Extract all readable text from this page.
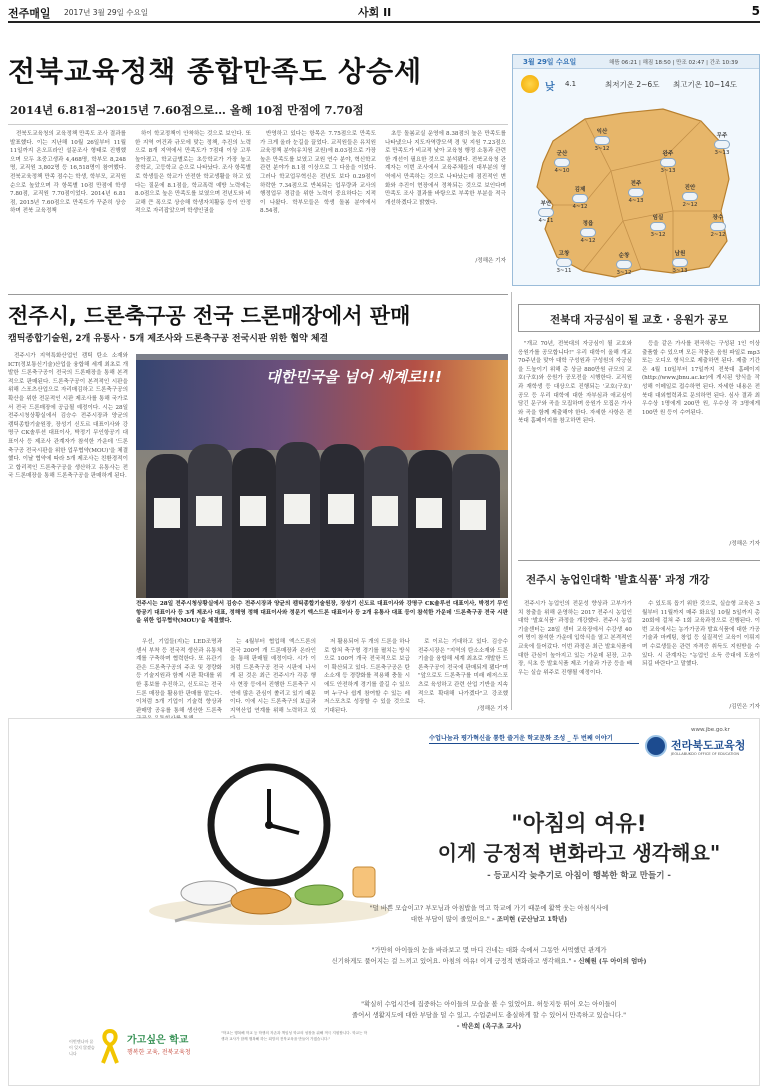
전주매일 2017년 3월 29일 수요일	사회 II	5
전북교육정책 종합만족도 상승세
2014년 6.81점→2015년 7.60점으로… 올해 10점 만점에 7.70점

전북도교육청의 교육정책 만족도 조사 결과를 발표했다. 이는 지난해 10월 26일부터 11월 11일까지 온오프라인 설문조사 형태로 진행했으며 모두 초중고생과 4,468명, 학부모 8,248명, 교직원 3,802명 등 16,518명이 참여했다. 전북교육정책 만족 점수는 학생, 학부모, 교직원 순으로 높았으며 각 항목별 10점 만점에 학생 7.80점, 교직원 7.70점이었다. 2014년 6.81점, 2015년 7.60점으로 만족도가 꾸준히 상승하며 전북 교육정책

하이 학교정책이 안착하는 것으로 보인다. 또한 지역 여건과 규모에 맞는 정책, 추진의 노력으로 8개 지역에서 만족도가 7점대 이상 고루 높아졌고, 학교급별로는 초등학교가 가장 높고 중학교, 고등학교 순으로 나타났다. 조사 항목별로 학생들은 학교가 안전한 학교생활을 하고 있다는 질문에 8.1점을, 학교폭력 예방 노력에는 8.0점으로 높은 만족도를 보였으며 전년도와 비교해 큰 폭으로 상승해 학생자치활동 등이 안정적으로 자리잡았으며 학생인권을

반영하고 있다는 항목은 7.75점으로 만족도가 크게 올라 눈길을 끌었다. 교직원들은 유치원 교육정책 분야(유치원 교원)에 8.03점으로 가장 높은 만족도를 보였고 교원 연수 분야, 혁신학교 관련 분야가 8.1점 이상으로 그 다음을 이었다. 그러나 학교업무혁신은 전년도 보다 0.29점이 하락한 7.34점으로 반복되는 업무량과 교사의 행정업무 경감을 위한 노력이 중요하다는 지적이 나왔다. 학부모들은 학생 돌봄 분야에서 8.54점,

초등 돌봄교실 운영에 8.38점의 높은 만족도를 나타냈으나 지도자역량모색 경 및 지원 7.23점으로 만족도가 비교적 낮아 교육청 행정 소통과 관련한 개선이 필요한 것으로 분석됐다. 전북교육청 관계자는 이번 조사에서 교육주체들의 대부분의 영역에서 만족하는 것으로 나타났는데 점진적인 변화와 추진이 현장에서 정착되는 것으로 보인다며 만족도 조사 결과를 바탕으로 부족한 부분을 적극 개선하겠다고 밝혔다.

/정해은 기자
3월 29일 수요일	해뜸 06:21 | 해짐 18:50 | 만조 02:47 | 간조 10:39
낮 4.1	최저기온 2~6도 최고기온 10~14도
전주
4~13
군산
4~10
익산
3~12
완주
3~13
김제
4~12
정읍
4~12
부안
4~11
고창
3~11
진안
2~12
무주
3~13
장수
2~12
임실
3~12
순창
3~12
남원
3~13
전주시, 드론축구공 전국 드론매장에서 판매
캠틱종합기술원, 2개 유통사 · 5개 제조사와 드론축구공 전국시판 위한 협약 체결

전주시가 지역특화산업인 캠틱 탄소 소재와 ICT(정보통신기술)산업을 융합해 세계 최초로 개발한 드론축구공이 전국의 드론매장을 통해 본격적으로 판매된다. 드론축구공이 본격적인 시판을 위해 스포츠산업으로 자리매김하고 드론축구공의 확산을 위한 전문적인 시판 제조사를 통해 국가로서 전국 드론매장에 공급될 예정이다. 시는 28일 전주시청상황실에서 김승수 전주시장과 양균의 캠틱종합기술원장, 장성기 신도르 대표이사와 강명구 CK솔루션 대표이사, 박정기 무인항공기 대표이사 등 제조사 관계자가 참석한 가운데 '드론축구공 전국시판을 위한 업무협약(MOU)'을 체결했다. 이날 협약에 따라 5개 제조사는 친환경적이고 합리적인 드론축구공을 생산하고 유통사는 전국 드론매장을 통해 드론축구공을 판매하게 된다.

대한민국을 넘어 세계로!!!

전주시는 28일 전주시청상황실에서 김승수 전주시장과 양균의 캠틱종합기술원장, 장성기 신도르 대표이사와 강명구 CK솔루션 대표이사, 박정기 무인항공기 대표이사 등 3개 제조사 대표, 정해영 정해 대표이사와 정문기 엑스드론 대표이사 등 2개 유통사 대표 등이 참석한 가운데 '드론축구공 전국 시판을 위한 업무협약(MOU)'을 체결했다.

우선, 기업들(지)는 LED조명과 센서 부착 등 전국적 생산과 유통체계를 구축하며 협력한다. 또 유관기관은 드론축구공의 주조 및 경량화 등 기술지원과 함께 시판 확대를 위한 홍보를 추진하고, 신도르는 전국 드론 매장을 활용한 판매를 맡는다. 이처럼 5개 기업이 기술력 향상과 판매망 공유를 통해 생산한 드론축

는 4월부터 협업해 엑스드론의 전국 200여 개 드론매장과 온라인을 통해 판매될 예정이다. 시가 이처럼 드론축구공 전국 시판에 나서게 된 것은 최근 전주시가 각종 행사 현장 등에서 진행한 드론축구 시연에 많은 관심이 쏠리고 있기 때문이다. 이에 시는 드론축구의 보급과 지역산업 연계를 위해 노력하고 있

저 활용되어 두 개의 드론을 하나로 합쳐 축구형 경기를 펼치는 방식으로 100여 개국 전국적으로 보급이 확산되고 있다. 드론축구공은 탄소소재 등 경량화를 적용해 충돌 시에도 안전하게 경기를 즐길 수 있으며 누구나 쉽게 참여할 수 있는 레저스포츠로 성장할 수 있을 것으로 기대된다.

로 이르는 기대하고 있다. 김승수 전주시장은 "지역의 탄소소재와 드론기술을 융합해 세계 최초로 개발한 드론축구공이 전국에 판매되게 됐다"며 "앞으로도 드론축구를 미래 레저스포츠로 육성하고 관련 산업 기반을 지속적으로 확대해 나가겠다"고 강조했다.

/정해은 기자
전북대 자긍심이 될 교호 · 응원가 공모

"개교 70년, 전북대의 자긍심이 될 교호와 응원가를 공모합니다!" 우리 대학이 올해 개교 70주년을 맞아 대학 구성원과 구성원의 자긍심을 드높이기 위해 총 상금 880만원 규모의 교호(구호)와 응원가 공모전을 시행한다. 교직원과 재학생 등 대상으로 진행되는 '교호(구호)' 공모 등 우리 대학에 대한 자부심과 애교심이 담긴 문구와 곡을 모집하며 응원가 모집은 가사와 곡을 함께 제출해야 한다. 자세한 사항은 전북대 홈페이지를 참고하면 된다.

등을 같은 가사를 편곡하는 구성된 1인 이상 출품할 수 있으며 모든 작품은 음원 파일로 mp3 또는 오디오 형식으로 제출하면 된다. 제출 기간은 4월 10일부터 17일까지 전북대 홈페이지(http://www.jbnu.ac.kr)에 게시된 양식을 작성해 이메일로 접수하면 된다. 자세한 내용은 전북대 대외협력과로 문의하면 된다. 심사 결과 최우수상 1명에게 200만 원, 우수상 각 3명에게 100만 원 등이 수여된다.

/정해은 기자
전주시 농업인대학 '발효식품' 과정 개강

전주시가 농업인의 전문성 향상과 고부가가치 창출을 위해 운영하는 2017 전주시 농업인대학 '발효식품' 과정을 개강했다. 전주시 농업기술센터는 28일 센터 교육장에서 수강생 40여 명이 참석한 가운데 입학식을 열고 본격적인 교육에 들어갔다. 이번 과정은 최근 발효식품에 대한 관심이 높아지고 있는 가운데 된장, 고추장, 식초 등 발효식품 제조 기술과 가공 등을 배우는 실습 위주로 진행될 예정이다.

수 있도록 돕기 위한 것으로, 실습형 교육은 3월부터 11월까지 매주 화요일 10월 5일까지 총 20회에 걸쳐 주 1회 교육과정으로 진행된다. 이번 교육에서는 농가가공과 발효식품에 대한 가공 기술과 마케팅, 창업 등 실질적인 교육이 이뤄지며 수료생들은 관련 자격증 취득도 지원받을 수 있다. 시 관계자는 "농업인 소득 증대에 도움이 되길 바란다"고 말했다.

/김민은 기자
수업나눔과 평가혁신을 통한 즐거운 학교문화 조성 _ 두 번째 이야기
www.jbe.go.kr
전라북도교육청
JEOLLABUKDO OFFICE OF EDUCATION
"아침의 여유!
이게 긍정적 변화라고 생각해요"
- 등교시각 늦추기로 아침이 행복한 학교 만들기 -
"덜 바쁜 모습이고? 부모님과 아침밥을 먹고 학교에 가기 때문에 활짝 웃는 아침식사에
대한 부담이 많이 줄었어요." - 조미현 (군산남고 1학년)
"가만히 아이들의 눈을 바라보고 몇 마디 건네는 대화 속에서 그동안 서먹했던 관계가
신기하게도 풀어지는 걸 느끼고 있어요. 아침의 여유! 이게 긍정적 변화라고 생각해요." - 신혜원 (두 아이의 엄마)
"확실히 수업시간에 집중하는 아이들의 모습을 볼 수 있었어요. 허둥지둥 뛰어 오는 아이들이
줄어서 생활지도에 대한 부담을 덜 수 있고, 수업준비도 충실하게 할 수 있어서 만족하고 있습니다."
- 박은희 (옥구초 교사)
이번엔나마 뭍이 잊지 않겠습니다
가고싶은 학교
행복한 교육, 전북교육청
"학교는 행복해 학교 등 학생의 자존과 책임성 학교의 성장을 위해 적극 지원합니다. 학교는 학생과 교사가 함께 행복해 하는 희망의 전북교육을 만들어 가겠습니다."
